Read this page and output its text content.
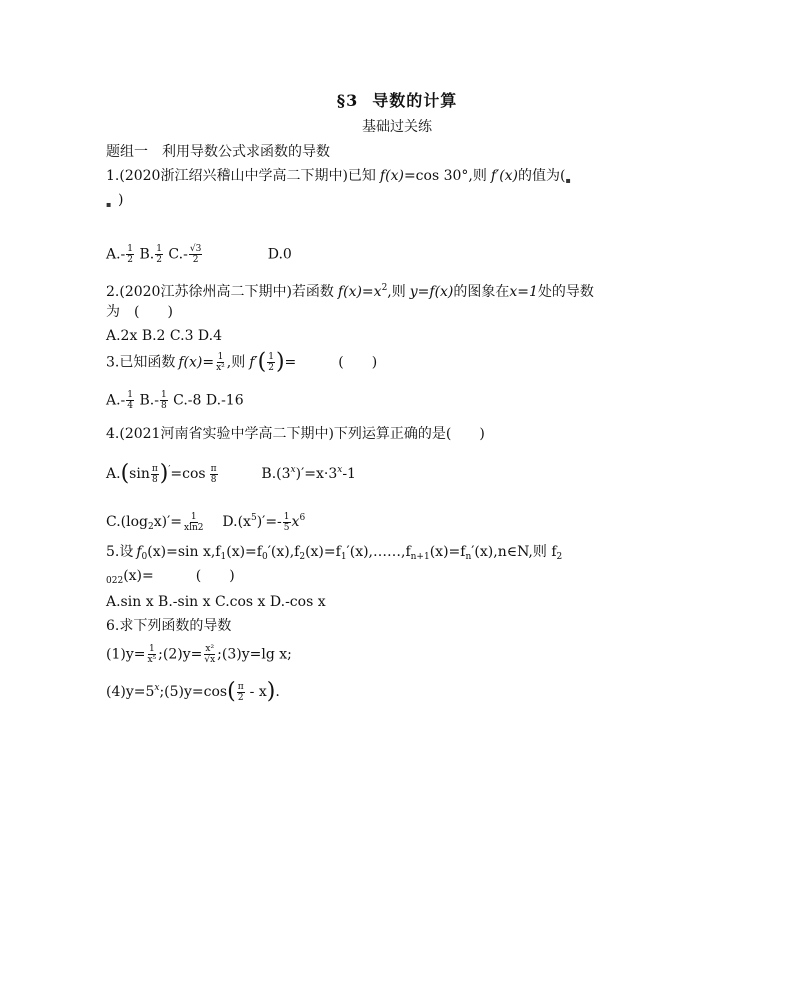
§3 导数的计算
基础过关练
题组一　利用导数公式求函数的导数
1.(2020浙江绍兴稽山中学高二下期中)已知 f(x)=cos 30°,则 f′(x)的值为(▪
▪ )
$A.- \frac{1}{2} B$. $\frac{1}{2} C.- \frac{√3}{2}$	D.0
2.(2020江苏徐州高二下期中)若函数 $f(x)=x^2$,则 y=f(x)的图象在x=1处的导数
为　(　　)
A.2x B.2 C.3 D.4
3.已知函数 $f(x)= \frac{1}{\text{x²}}$ ,则 $f'( \frac{1}{2}$ )=　　　(　　)
$A.- \frac{1}{4} B.- \frac{1}{8} C.-8$ D.-16
4.(2021河南省实验中学高二下期中)下列运算正确的是(　　)
$A.(\sin \frac{\pi}{8} )'=\cos \frac{\pi}{8}$	$B.(3^x)'=x\cdot 3^x-1$
$C.(\log_2x)'= \frac{1}{xln2} D.(x^5)'=- \frac{1}{5} x^6$
5.设 $f_0(x)=\sin$ $x,f_1(x)=f_0'(x),f_2(x)=f_1'(x),\dots\dots,f_{n+1}(x)=f_n'(x),n\in N$,则 $f_2$
$_{022}$(x)=　　　(　　)
A.sin x B.-sin x C.cos x D.-cos x
6.求下列函数的导数
$(1)y= \frac{1}{\text{x⁵}}$ ;(2)y= $\frac{\text{x²}}{√x}$ ;(3)y=lg x;
$(4)y=5^x;(5)y=\cos( \frac{\pi}{2} - x)$.
